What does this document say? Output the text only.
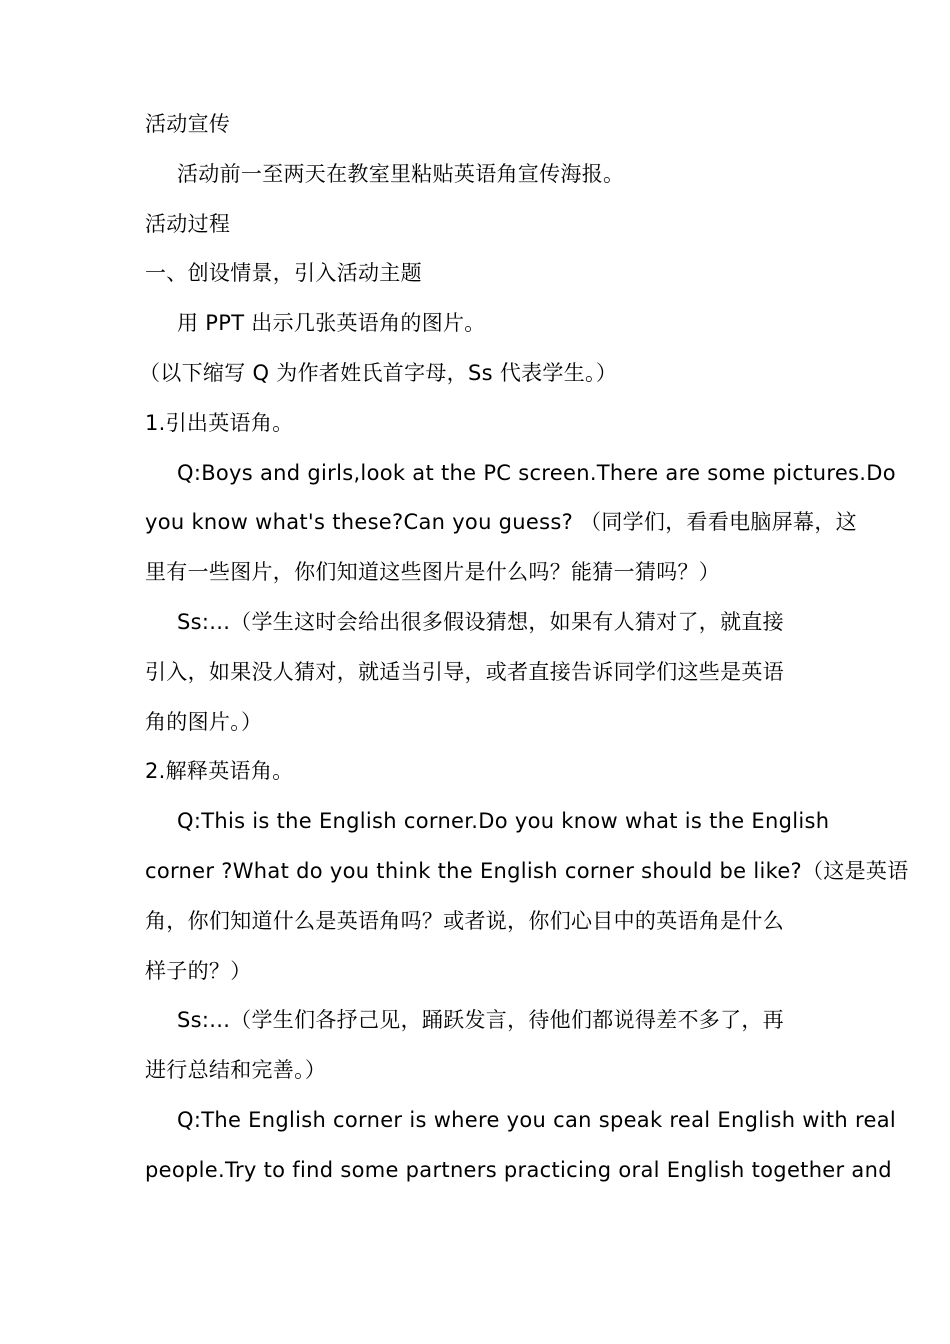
活动宣传
活动前一至两天在教室里粘贴英语角宣传海报。
活动过程
一、创设情景，引入活动主题
用 PPT 出示几张英语角的图片。
（以下缩写 Q 为作者姓氏首字母，Ss 代表学生。）
1.引出英语角。
Q:Boys and girls,look at the PC screen.There are some pictures.Do
you know what's these?Can you guess? （同学们，看看电脑屏幕，这
里有一些图片，你们知道这些图片是什么吗？能猜一猜吗？）
Ss:...（学生这时会给出很多假设猜想，如果有人猜对了，就直接
引入，如果没人猜对，就适当引导，或者直接告诉同学们这些是英语
角的图片。）
2.解释英语角。
Q:This is the English corner.Do you know what is the English
corner ?What do you think the English corner should be like?（这是英语
角，你们知道什么是英语角吗？或者说，你们心目中的英语角是什么
样子的？）
Ss:...（学生们各抒己见，踊跃发言，待他们都说得差不多了，再
进行总结和完善。）
Q:The English corner is where you can speak real English with real
people.Try to find some partners practicing oral English together and
